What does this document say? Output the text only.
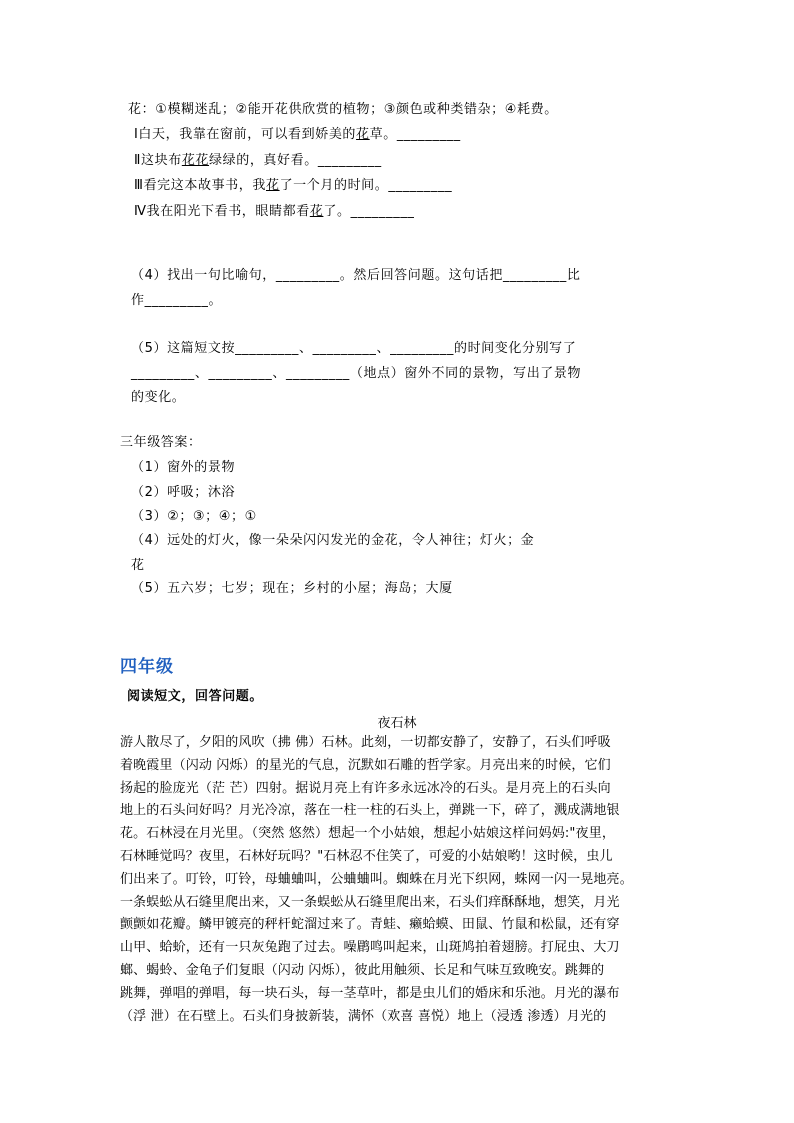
花：①模糊迷乱；②能开花供欣赏的植物；③颜色或种类错杂；④耗费。
Ⅰ白天，我靠在窗前，可以看到娇美的花草。_________
Ⅱ这块布花花绿绿的，真好看。_________
Ⅲ看完这本故事书，我花了一个月的时间。_________
Ⅳ我在阳光下看书，眼睛都看花了。_________
（4）找出一句比喻句，_________。然后回答问题。这句话把_________比
作_________。
（5）这篇短文按_________、_________、_________的时间变化分别写了
_________、_________、_________（地点）窗外不同的景物，写出了景物
的变化。
三年级答案：
（1）窗外的景物
（2）呼吸；沐浴
（3）②；③；④；①
（4）远处的灯火，像一朵朵闪闪发光的金花，令人神往；灯火；金
花
（5）五六岁；七岁；现在；乡村的小屋；海岛；大厦
四年级
阅读短文，回答问题。
夜石林
游人散尽了，夕阳的风吹（拂 佛）石林。此刻，一切都安静了，安静了，石头们呼吸
着晚霞里（闪动 闪烁）的星光的气息，沉默如石雕的哲学家。月亮出来的时候，它们
扬起的脸庞光（茫 芒）四射。据说月亮上有许多永远冰冷的石头。是月亮上的石头向
地上的石头问好吗？月光冷凉，落在一柱一柱的石头上，弹跳一下，碎了，溅成满地银
花。石林浸在月光里。（突然 悠然）想起一个小姑娘，想起小姑娘这样问妈妈:"夜里，
石林睡觉吗？夜里，石林好玩吗？"石林忍不住笑了，可爱的小姑娘哟！这时候，虫儿
们出来了。叮铃，叮铃，母蛐蛐叫，公蛐蛐叫。蜘蛛在月光下织网，蛛网一闪一晃地亮。
一条蜈蚣从石缝里爬出来，又一条蜈蚣从石缝里爬出来，石头们痒酥酥地，想笑，月光
颤颤如花瓣。鳞甲镀亮的秤杆蛇溜过来了。青蛙、癞蛤蟆、田鼠、竹鼠和松鼠，还有穿
山甲、蛤蚧，还有一只灰兔跑了过去。噪鹛鸣叫起来，山斑鸠拍着翅膀。打屁虫、大刀
螂、蝎蛉、金龟子们复眼（闪动 闪烁），彼此用触须、长足和气味互致晚安。跳舞的
跳舞，弹唱的弹唱，每一块石头，每一茎草叶，都是虫儿们的婚床和乐池。月光的瀑布
（浮 泄）在石壁上。石头们身披新装，满怀（欢喜 喜悦）地上（浸透 渗透）月光的
